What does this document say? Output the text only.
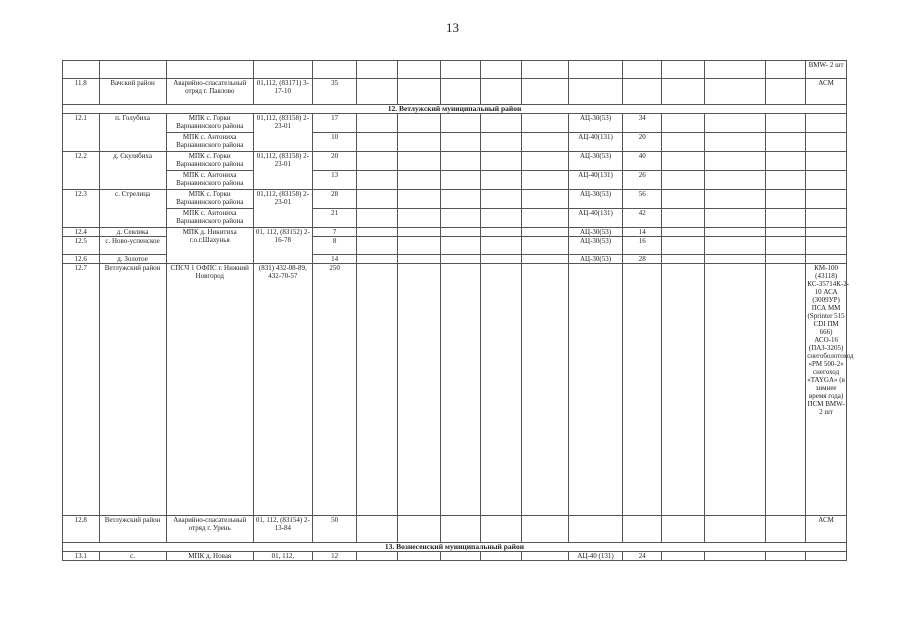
13
															BMW- 2 шт
11.8	Вачский район	Аварийно-спасательный отряд г. Павлово	01,112, (83171) 3-17-10	35											АСМ
12. Ветлужский муниципальный район															
12.1	п. Голубиха	МПК с. Горки Варнавинского района	01,112, (83158) 2-23-01	17						АЦ-30(53)	34				
		МПК с. Антониха Варнавинского района		10						АЦ-40(131)	20				
12.2	д. Скулябиха	МПК с. Горки Варнавинского района	01,112, (83158) 2-23-01	20						АЦ-30(53)	40				
		МПК с. Антониха Варнавинского района		13						АЦ-40(131)	26				
12.3	с. Стрелица	МПК с. Горки Варнавинского района	01,112, (83158) 2-23-01	28						АЦ-30(53)	56				
		МПК с. Антониха Варнавинского района		21						АЦ-40(131)	42				
12.4	д. Севлика	МПК д. Никитиха г.о.г.Шахунья	01, 112, (83152) 2-16-78	7						АЦ-30(53)	14				
12.5	с. Ново-успенское			8						АЦ-30(53)	16				
12.6	д. Золотое			14						АЦ-30(53)	28				
12.7	Ветлужский район	СПСЧ 1 ОФПС г. Нижний Новгород	(831) 432-08-89, 432-70-57	250											КМ-100 (43118) КС-35714К-2-10 АСА (3009УР) ПСА ММ (Sprinter 515 CDI ПМ 666) АСО-16 (ПАЗ-3205) снегоболотоход «РМ 500-2» снегоход «TAYGA» (в зимнее время года) ПСМ BMW- 2 шт
12.8	Ветлужский район	Аварийно-спасательный отряд г. Урень	01, 112, (83154) 2-13-84	50											АСМ
13. Вознесенский муниципальный район															
13.1	с.	МПК д. Новая	01, 112,	12						АЦ-40 (131)	24				
